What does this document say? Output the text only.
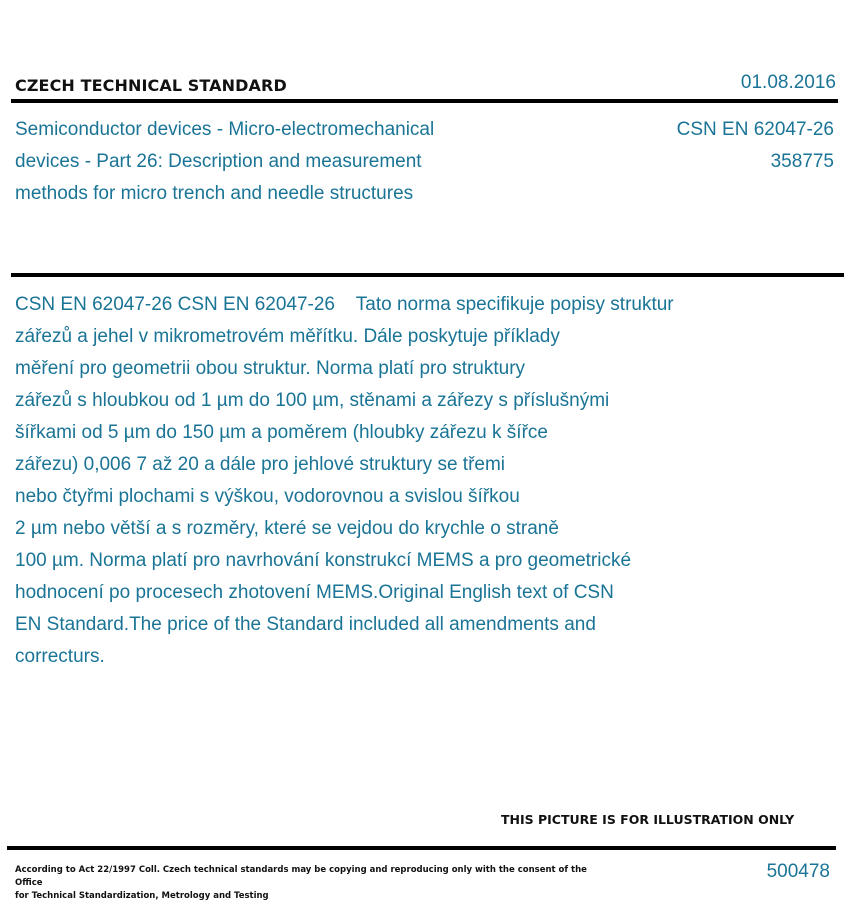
CZECH TECHNICAL STANDARD	01.08.2016
Semiconductor devices - Micro-electromechanical
devices - Part 26: Description and measurement
methods for micro trench and needle structures
CSN EN 62047-26
358775
CSN EN 62047-26 CSN EN 62047-26    Tato norma specifikuje popisy struktur
zářezů a jehel v mikrometrovém měřítku. Dále poskytuje příklady
měření pro geometrii obou struktur. Norma platí pro struktury
zářezů s hloubkou od 1 µm do 100 µm, stěnami a zářezy s příslušnými
šířkami od 5 µm do 150 µm a poměrem (hloubky zářezu k šířce
zářezu) 0,006 7 až 20 a dále pro jehlové struktury se třemi
nebo čtyřmi plochami s výškou, vodorovnou a svislou šířkou
2 µm nebo větší a s rozměry, které se vejdou do krychle o straně
100 µm. Norma platí pro navrhování konstrukcí MEMS a pro geometrické
hodnocení po procesech zhotovení MEMS.Original English text of CSN
EN Standard.The price of the Standard included all amendments and
correcturs.
THIS PICTURE IS FOR ILLUSTRATION ONLY
According to Act 22/1997 Coll. Czech technical standards may be copying and reproducing only with the consent of the Office
for Technical Standardization, Metrology and Testing
500478
